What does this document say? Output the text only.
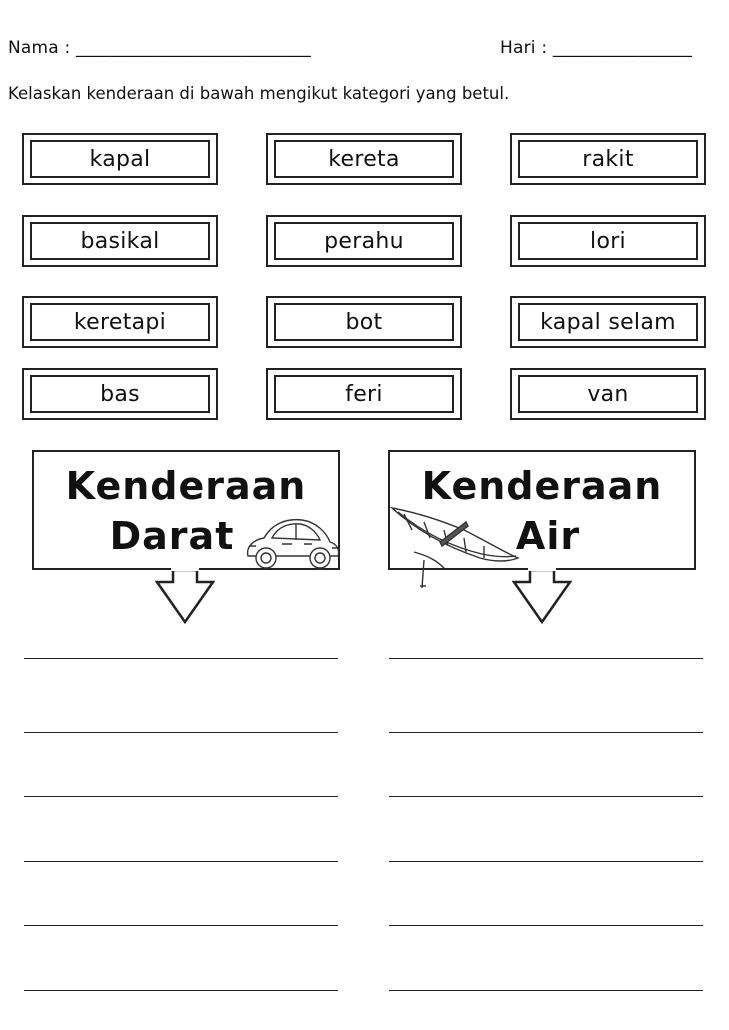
Nama : ___________________________	Hari : ________________
Kelaskan kenderaan di bawah mengikut kategori yang betul.
kapal	kereta	rakit
basikal	perahu	lori
keretapi	bot	kapal selam
bas	feri	van
Kenderaan
Darat
Kenderaan
Air
